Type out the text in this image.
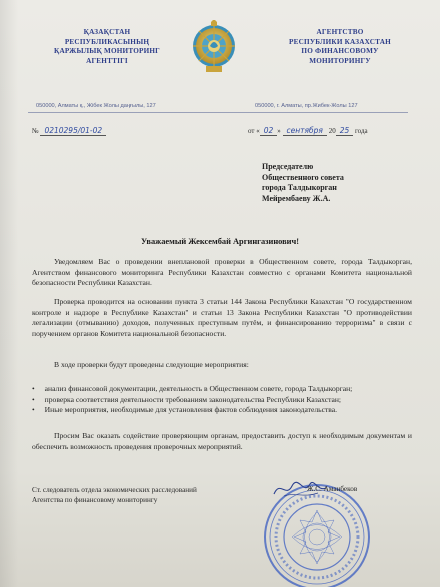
ҚАЗАҚСТАН
РЕСПУБЛИКАСЫНЫҢ
ҚАРЖЫЛЫҚ МОНИТОРИНГ
АГЕНТТІГІ
АГЕНТСТВО
РЕСПУБЛИКИ КАЗАХСТАН
ПО ФИНАНСОВОМУ
МОНИТОРИНГУ
050000, Алматы қ., Жібек Жолы даңғылы, 127	050000, г. Алматы, пр.Жибек-Жолы 127
№ 0210295/01-02	от « 02 » сентября 20 25 года
Председателю
Общественного совета
города Талдыкорган
Мейрембаеву Ж.А.
Уважаемый Жексембай Аргингазинович!
Уведомляем Вас о проведении внеплановой проверки в Общественном совете, города Талдыкорган, Агентством финансового мониторинга Республики Казахстан совместно с органами Комитета национальной безопасности Республики Казахстан.
Проверка проводится на основании пункта 3 статьи 144 Закона Республики Казахстан "О государственном контроле и надзоре в Республике Казахстан" и статьи 13 Закона Республики Казахстан "О противодействии легализации (отмыванию) доходов, полученных преступным путём, и финансированию терроризма" в связи с поручением органов Комитета национальной безопасности.
В ходе проверки будут проведены следующие мероприятия:
• анализ финансовой документации, деятельность в Общественном совете, города Талдыкорган;
• проверка соответствия деятельности требованиям законодательства Республики Казахстан;
• Иные мероприятия, необходимые для установления фактов соблюдения законодательства.
Просим Вас оказать содействие проверяющим органам, предоставить доступ к необходимым документам и обеспечить возможность проведения проверочных мероприятий.
Ст. следователь отдела экономических расследований
Агентства по финансовому мониторингу
Ж.С. Аманбеков
